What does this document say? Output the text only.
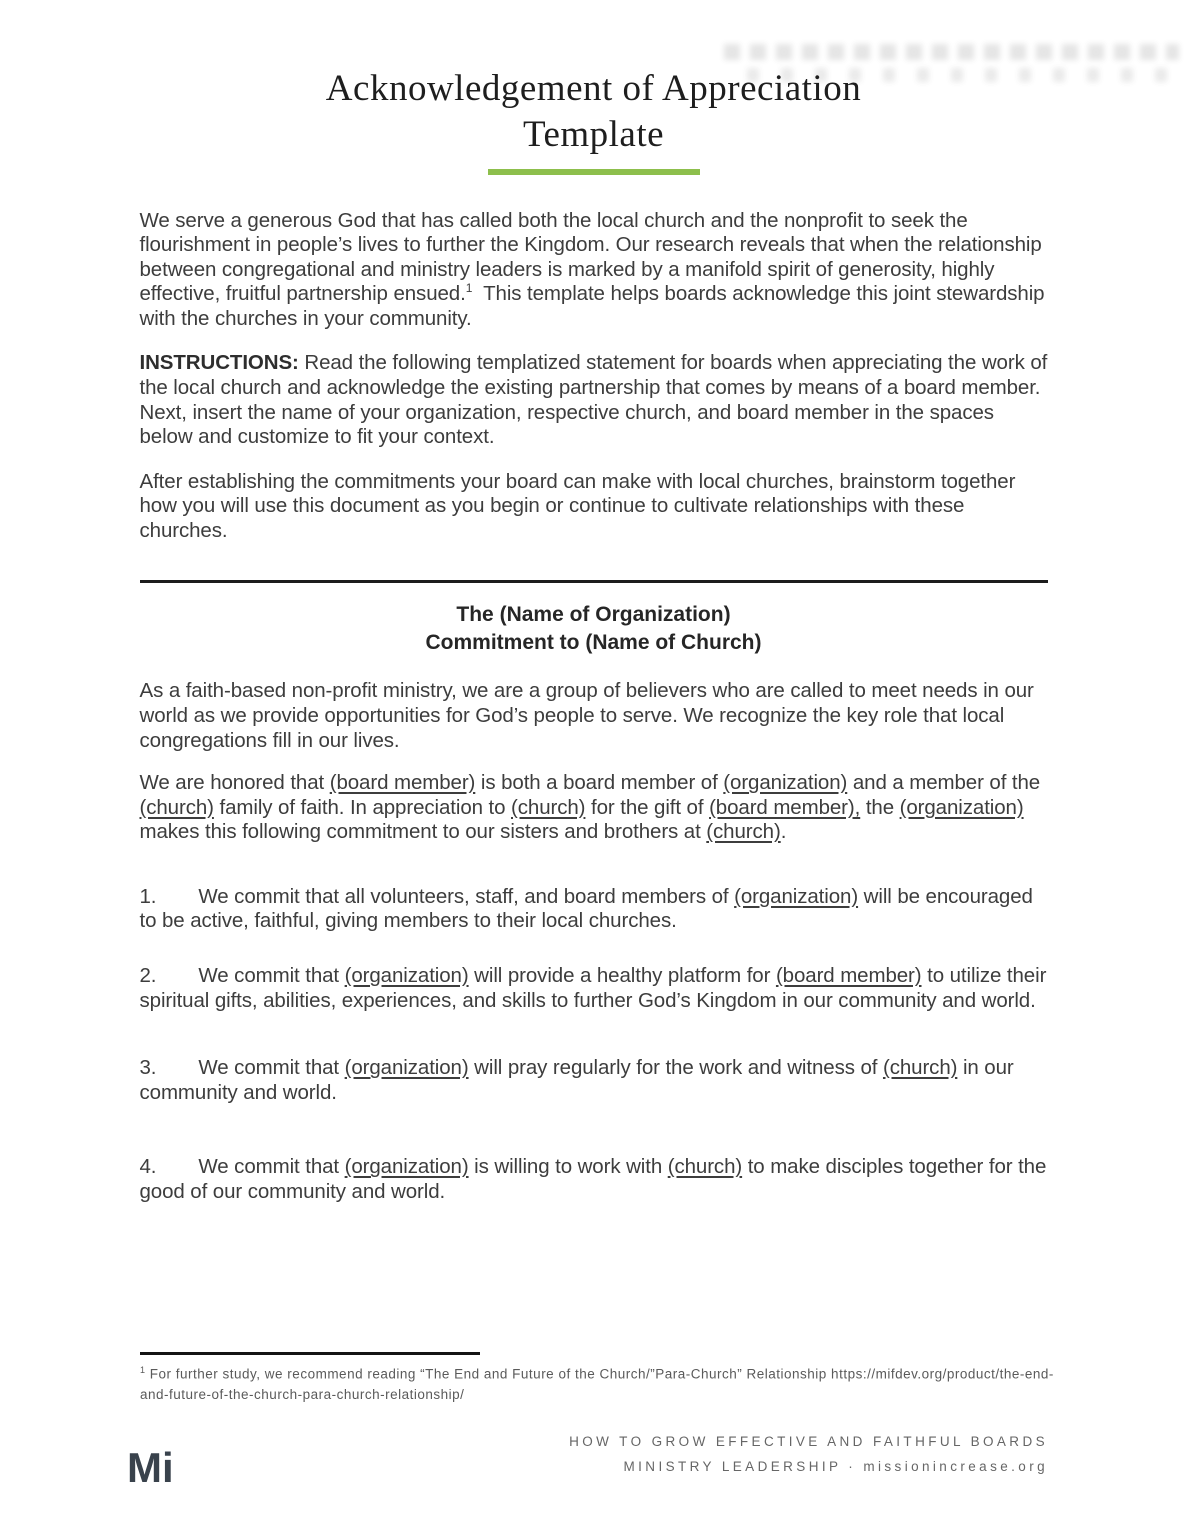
Acknowledgement of Appreciation
Template

We serve a generous God that has called both the local church and the nonprofit to seek the flourishment in people’s lives to further the Kingdom. Our research reveals that when the relationship between congregational and ministry leaders is marked by a manifold spirit of generosity, highly effective, fruitful partnership ensued.$^1$  This template helps boards acknowledge this joint stewardship with the churches in your community.

INSTRUCTIONS: Read the following templatized statement for boards when appreciating the work of the local church and acknowledge the existing partnership that comes by means of a board member. Next, insert the name of your organization, respective church, and board member in the spaces below and customize to fit your context.

After establishing the commitments your board can make with local churches, brainstorm together how you will use this document as you begin or continue to cultivate relationships with these churches.

The (Name of Organization)
Commitment to (Name of Church)

As a faith-based non-profit ministry, we are a group of believers who are called to meet needs in our world as we provide opportunities for God’s people to serve. We recognize the key role that local congregations fill in our lives.

We are honored that (board member) is both a board member of (organization) and a member of the (church) family of faith. In appreciation to (church) for the gift of (board member), the (organization) makes this following commitment to our sisters and brothers at (church).

1. We commit that all volunteers, staff, and board members of (organization) will be encouraged to be active, faithful, giving members to their local churches.

2. We commit that (organization) will provide a healthy platform for (board member) to utilize their spiritual gifts, abilities, experiences, and skills to further God’s Kingdom in our community and world.

3. We commit that (organization) will pray regularly for the work and witness of (church) in our community and world.

4. We commit that (organization) is willing to work with (church) to make disciples together for the good of our community and world.

$^1$ For further study, we recommend reading “The End and Future of the Church/”Para-Church” Relationship https://mifdev.org/product/the-end-and-future-of-the-church-para-church-relationship/
Mi
HOW TO GROW EFFECTIVE AND FAITHFUL BOARDS
MINISTRY LEADERSHIP · missionincrease.org
